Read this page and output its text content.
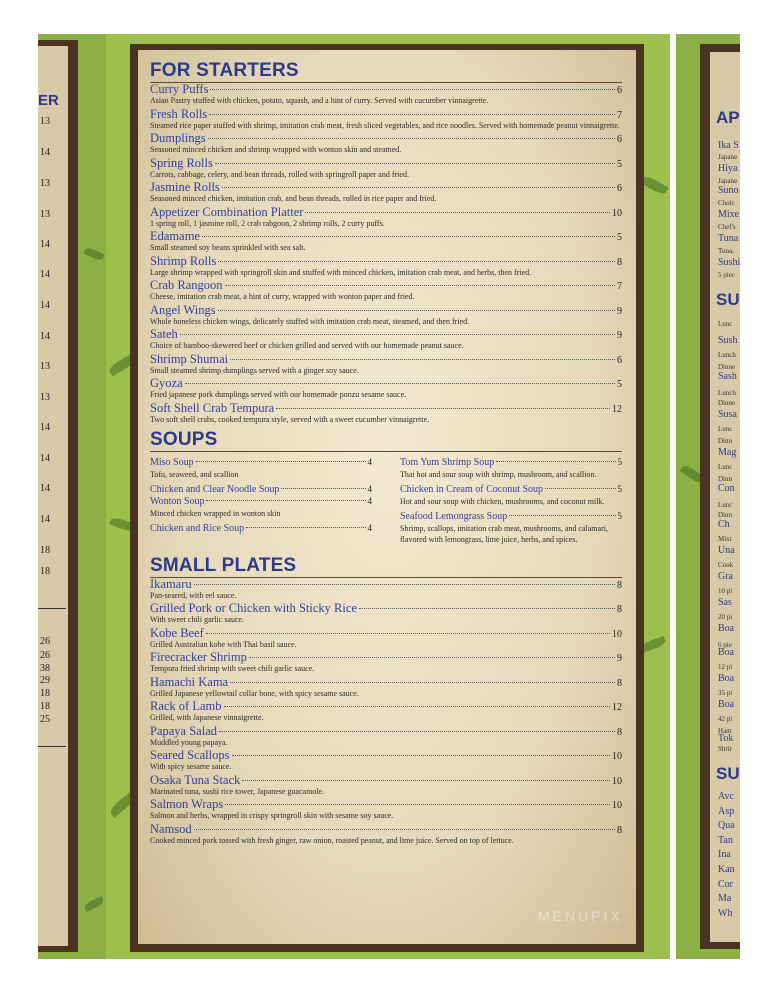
ER
13
14
13
13
14
14
14
14
13
13
14
14
14
14
18
18
26
26
38
29
18
18
25
AP
SU
SU
Ika S
Hiya
Suno
Mixe
Tuna
Sushi
Sush
Sash
Susa
Mag
Con
Ch
Una
Gra
Sas
Boa
Boa
Boa
Boa
Tok
Avc
Asp
Qua
Tan
Ina
Kan
Cor
Ma
Wh
Japane
Japane
Choic
Chef's
Tuna,
5 piec
Lunc
Lunch
Dinne
Lunch
Dinne
Lunc
Dinn
Lunc
Dinn
Lunc
Dinn
Mixt
Cook
10 pi
20 pi
6 pie
12 pi
35 pi
42 pi
Ham
Shrir
FOR STARTERS
Curry Puffs	6
Asian Pastry stuffed with chicken, potato, squash, and a hint of curry. Served with cucumber vinnaigrette.
Fresh Rolls	7
Steamed rice paper stuffed with shrimp, imitation crab meat, fresh sliced vegetables, and rice noodles. Served with homemade peanut vinnaigrette.
Dumplings	6
Seasoned minced chicken and shrimp wrapped with wonton skin and steamed.
Spring Rolls	5
Carrots, cabbage, celery, and bean threads, rolled with springroll paper and fried.
Jasmine Rolls	6
Seasoned minced chicken, imitation crab, and bean threads, rolled in rice paper and fried.
Appetizer Combination Platter	10
1 spring roll, 1 jasmine roll, 2 crab rabgoon, 2 shrimp rolls, 2 curry puffs.
Edamame	5
Small steamed soy beans sprinkled with sea salt.
Shrimp Rolls	8
Large shrimp wrapped with springroll skin and stuffed with minced chicken, imitation crab meat, and herbs, then fried.
Crab Rangoon	7
Cheese, imitation crab meat, a hint of curry, wrapped with wonton paper and fried.
Angel Wings	9
Whole boneless chicken wings, delicately stuffed with imitation crab meat, steamed, and then fried.
Sateh	9
Choice of bamboo-skewered beef or chicken grilled and served with our homemade peanut sauce.
Shrimp Shumai	6
Small steamed shrimp dumplings served with a ginger soy sauce.
Gyoza	5
Fried japanese pork dumplings served with our homemade ponzu sesame sauce.
Soft Shell Crab Tempura	12
Two soft shell crabs, cooked tempura style, served with a sweet cucumber vinnaigrette.
SOUPS
Miso Soup	4
Tofu, seaweed, and scallion
Chicken and Clear Noodle Soup	4
Wonton Soup	4
Minced chicken wrapped in wonton skin
Chicken and Rice Soup	4
Tom Yum Shrimp Soup	5
Thai hot and sour soup with shrimp, mushroom, and scallion.
Chicken in Cream of Coconut Soup	5
Hot and sour soup with chicken, mushrooms, and coconut milk.
Seafood Lemongrass Soup	5
Shrimp, scallops, imitation crab meat, mushrooms, and calamari, flavored with lemongrass, lime juice, herbs, and spices.
SMALL PLATES
Ikamaru	8
Pan-seared, with eel sauce.
Grilled Pork or Chicken with Sticky Rice	8
With sweet chili garlic sauce.
Kobe Beef	10
Grilled Australian kobe with Thai basil sauce.
Firecracker Shrimp	9
Tempura fried shrimp with sweet chili garlic sauce.
Hamachi Kama	8
Grilled Japanese yellowtail collar bone, with spicy sesame sauce.
Rack of Lamb	12
Grilled, with Japanese vinnaigrette.
Papaya Salad	8
Muddled young papaya.
Seared Scallops	10
With spicy sesame sauce.
Osaka Tuna Stack	10
Marinated tuna, sushi rice tower, Japanese guacamole.
Salmon Wraps	10
Salmon and herbs, wrapped in crispy springroll skin with sesame soy sauce.
Namsod	8
Cooked minced pork tossed with fresh ginger, raw onion, roasted peanut, and lime juice. Served on top of lettuce.
MENUPIX
